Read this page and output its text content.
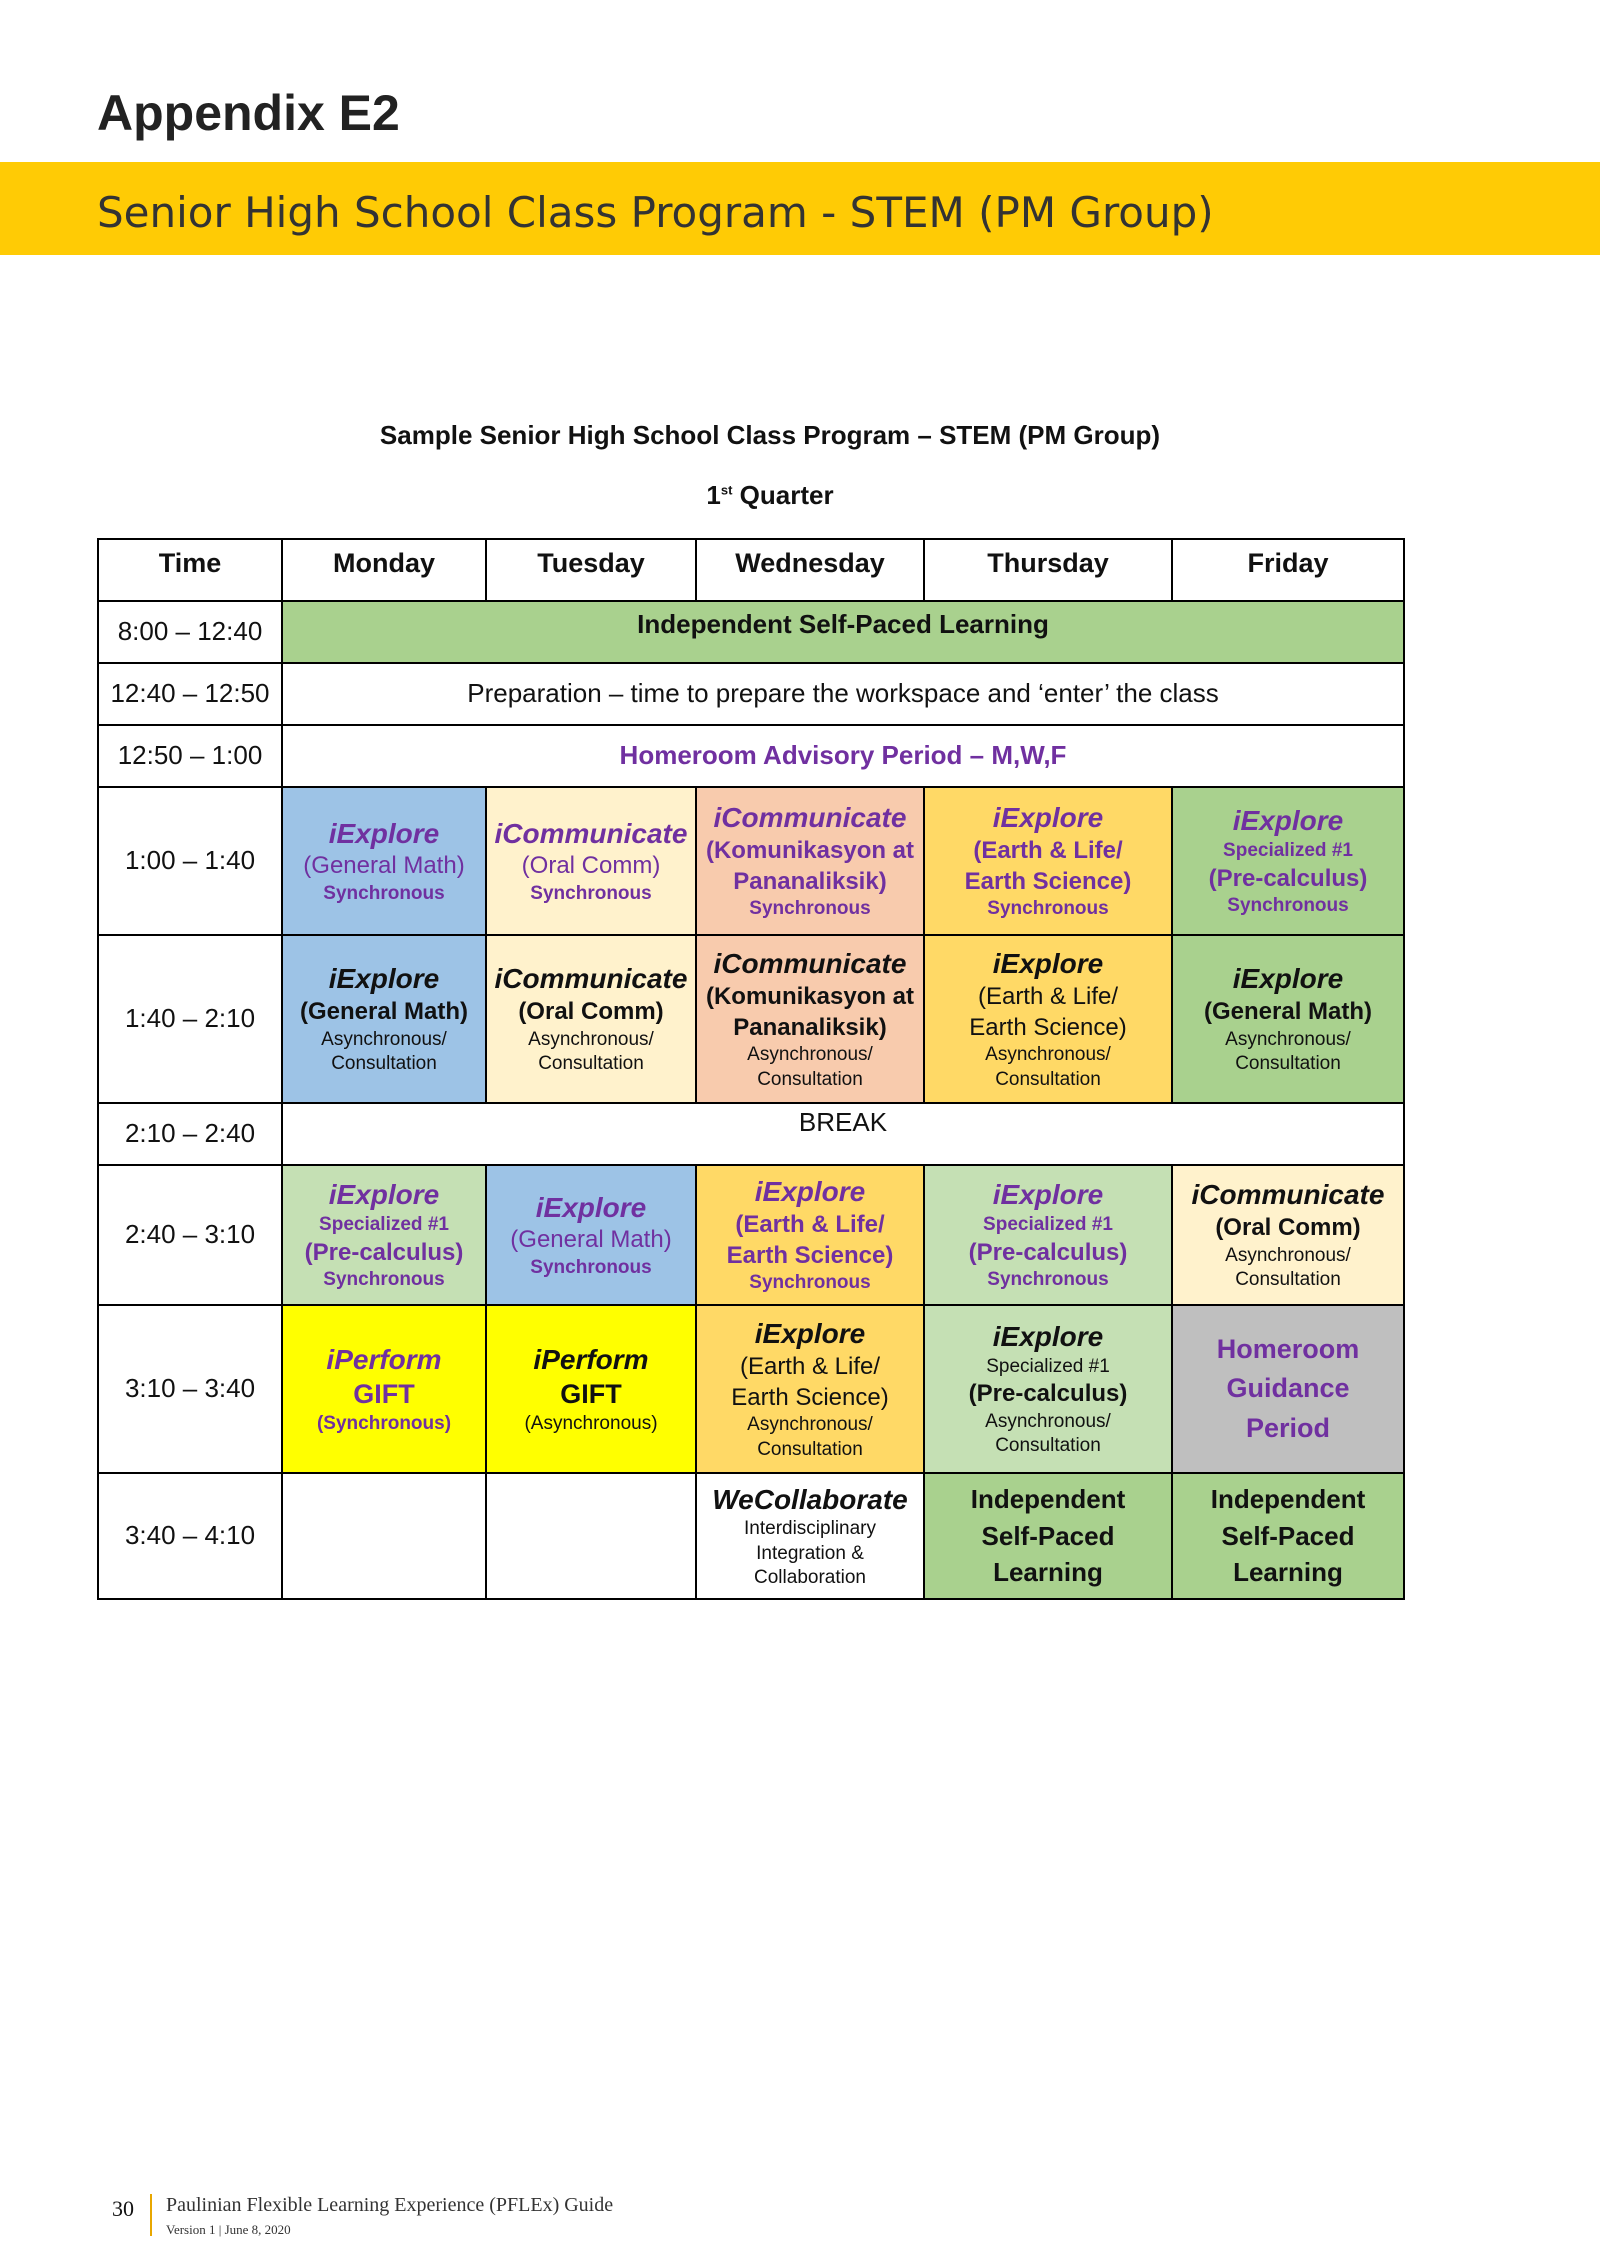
Appendix E2
Senior High School Class Program - STEM (PM Group)
Sample Senior High School Class Program – STEM (PM Group)
1st Quarter
Time	Monday	Tuesday	Wednesday	Thursday	Friday
8:00 – 12:40	Independent Self-Paced Learning				
12:40 – 12:50	Preparation – time to prepare the workspace and ‘enter’ the class				
12:50 – 1:00	Homeroom Advisory Period – M,W,F				
1:00 – 1:40	iExplore
(General Math)
Synchronous	iCommunicate
(Oral Comm)
Synchronous	iCommunicate
(Komunikasyon at
Pananaliksik)
Synchronous	iExplore
(Earth & Life/
Earth Science)
Synchronous	iExplore
Specialized #1
(Pre-calculus)
Synchronous

1:40 – 2:10	iExplore
(General Math)
Asynchronous/
Consultation	iCommunicate
(Oral Comm)
Asynchronous/
Consultation	iCommunicate
(Komunikasyon at
Pananaliksik)
Asynchronous/
Consultation	iExplore
(Earth & Life/
Earth Science)
Asynchronous/
Consultation	iExplore
(General Math)
Asynchronous/
Consultation

2:10 – 2:40	BREAK				
2:40 – 3:10	iExplore
Specialized #1
(Pre-calculus)
Synchronous	iExplore
(General Math)
Synchronous	iExplore
(Earth & Life/
Earth Science)
Synchronous	iExplore
Specialized #1
(Pre-calculus)
Synchronous	iCommunicate
(Oral Comm)
Asynchronous/
Consultation

3:10 – 3:40	iPerform
GIFT
(Synchronous)	iPerform
GIFT
(Asynchronous)	iExplore
(Earth & Life/
Earth Science)
Asynchronous/
Consultation	iExplore
Specialized #1
(Pre-calculus)
Asynchronous/
Consultation	Homeroom
Guidance
Period

3:40 – 4:10			WeCollaborate
Interdisciplinary
Integration &
Collaboration	Independent
Self-Paced
Learning	Independent
Self-Paced
Learning
30 Paulinian Flexible Learning Experience (PFLEx) Guide
Version 1 | June 8, 2020
